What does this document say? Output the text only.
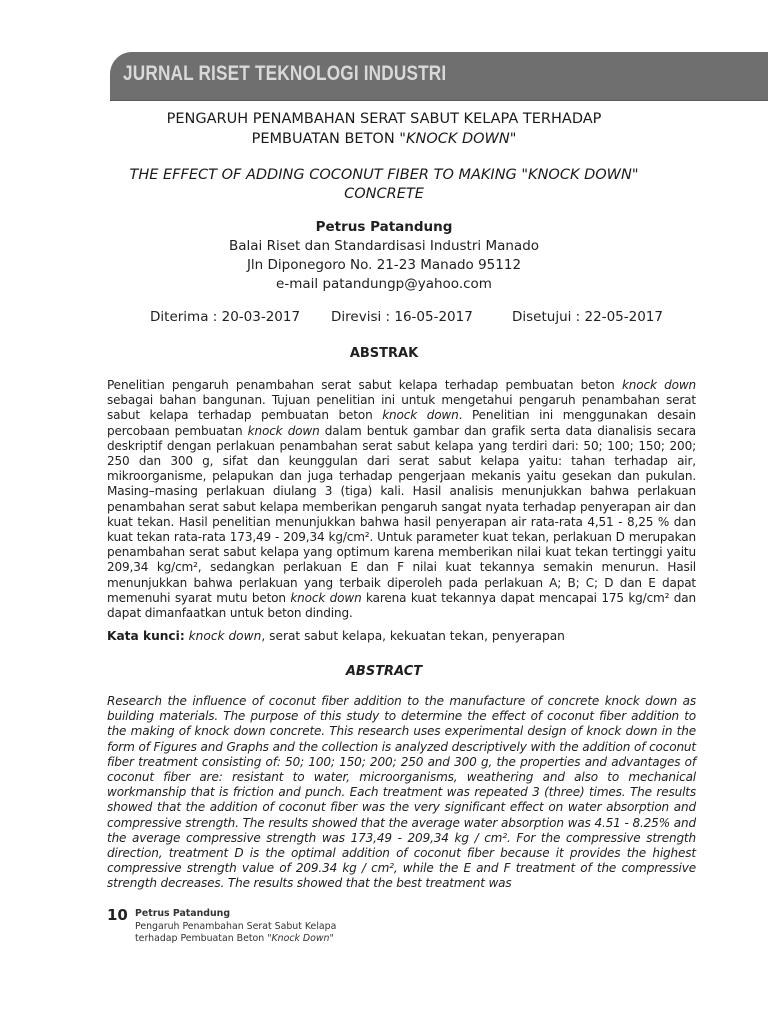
JURNAL RISET TEKNOLOGI INDUSTRI
PENGARUH PENAMBAHAN SERAT SABUT KELAPA TERHADAP
PEMBUATAN BETON "KNOCK DOWN"
THE EFFECT OF ADDING COCONUT FIBER TO MAKING "KNOCK DOWN"
CONCRETE
Petrus Patandung
Balai Riset dan Standardisasi Industri Manado
Jln Diponegoro No. 21-23 Manado 95112
e-mail patandungp@yahoo.com
Diterima : 20-03-2017 Direvisi : 16-05-2017	Disetujui : 22-05-2017
ABSTRAK

Penelitian pengaruh penambahan serat sabut kelapa terhadap pembuatan beton knock down sebagai bahan bangunan. Tujuan penelitian ini untuk mengetahui pengaruh penambahan serat sabut kelapa terhadap pembuatan beton knock down. Penelitian ini menggunakan desain percobaan pembuatan knock down dalam bentuk gambar dan grafik serta data dianalisis secara deskriptif dengan perlakuan penambahan serat sabut kelapa yang terdiri dari: 50; 100; 150; 200; 250 dan 300 g, sifat dan keunggulan dari serat sabut kelapa yaitu: tahan terhadap air, mikroorganisme, pelapukan dan juga terhadap pengerjaan mekanis yaitu gesekan dan pukulan. Masing–masing perlakuan diulang 3 (tiga) kali. Hasil analisis menunjukkan bahwa perlakuan penambahan serat sabut kelapa memberikan pengaruh sangat nyata terhadap penyerapan air dan kuat tekan. Hasil penelitian menunjukkan bahwa hasil penyerapan air rata-rata 4,51 - 8,25 % dan kuat tekan rata-rata 173,49 - 209,34 kg/cm². Untuk parameter kuat tekan, perlakuan D merupakan penambahan serat sabut kelapa yang optimum karena memberikan nilai kuat tekan tertinggi yaitu 209,34 kg/cm², sedangkan perlakuan E dan F nilai kuat tekannya semakin menurun. Hasil menunjukkan bahwa perlakuan yang terbaik diperoleh pada perlakuan A; B; C; D dan E dapat memenuhi syarat mutu beton knock down karena kuat tekannya dapat mencapai 175 kg/cm² dan dapat dimanfaatkan untuk beton dinding.

Kata kunci: knock down, serat sabut kelapa, kekuatan tekan, penyerapan
ABSTRACT

Research the influence of coconut fiber addition to the manufacture of concrete knock down as building materials. The purpose of this study to determine the effect of coconut fiber addition to the making of knock down concrete. This research uses experimental design of knock down in the form of Figures and Graphs and the collection is analyzed descriptively with the addition of coconut fiber treatment consisting of: 50; 100; 150; 200; 250 and 300 g, the properties and advantages of coconut fiber are: resistant to water, microorganisms, weathering and also to mechanical workmanship that is friction and punch. Each treatment was repeated 3 (three) times. The results showed that the addition of coconut fiber was the very significant effect on water absorption and compressive strength. The results showed that the average water absorption was 4.51 - 8.25% and the average compressive strength was 173,49 - 209,34 kg / cm². For the compressive strength direction, treatment D is the optimal addition of coconut fiber because it provides the highest compressive strength value of 209.34 kg / cm², while the E and F treatment of the compressive strength decreases. The results showed that the best treatment was

10 Petrus Patandung
Pengaruh Penambahan Serat Sabut Kelapa
terhadap Pembuatan Beton "Knock Down"
